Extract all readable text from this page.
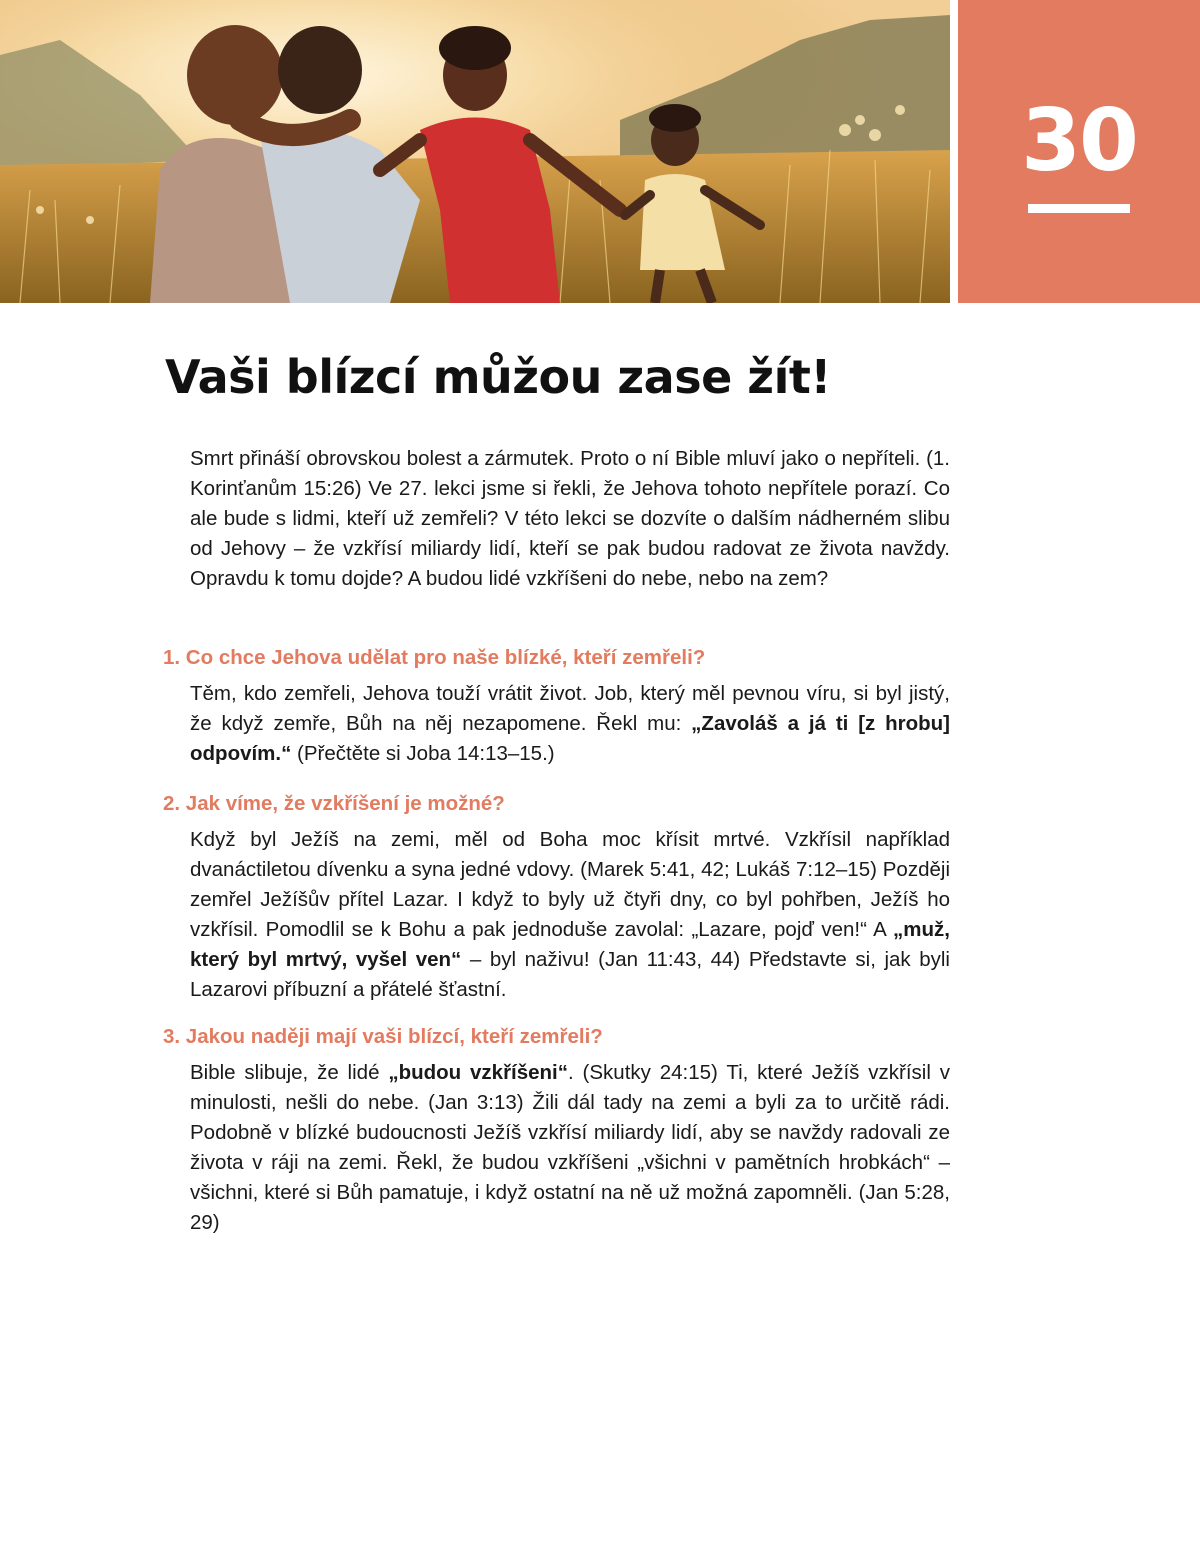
30
Vaši blízcí můžou zase žít!

Smrt přináší obrovskou bolest a zármutek. Proto o ní Bible mluví jako o nepříteli. (1. Korinťanům 15:26) Ve 27. lekci jsme si řekli, že Jehova tohoto nepřítele porazí. Co ale bude s lidmi, kteří už zemřeli? V této lekci se dozvíte o dalším nádherném slibu od Jehovy – že vzkřísí miliardy lidí, kteří se pak budou radovat ze života navždy. Opravdu k tomu dojde? A budou lidé vzkříšeni do nebe, nebo na zem?

1. Co chce Jehova udělat pro naše blízké, kteří zemřeli?

Těm, kdo zemřeli, Jehova touží vrátit život. Job, který měl pevnou víru, si byl jistý, že když zemře, Bůh na něj nezapomene. Řekl mu: „Zavoláš a já ti [z hrobu] odpovím.“ (Přečtěte si Joba 14:13–15.)

2. Jak víme, že vzkříšení je možné?

Když byl Ježíš na zemi, měl od Boha moc křísit mrtvé. Vzkřísil například dvanáctiletou dívenku a syna jedné vdovy. (Marek 5:41, 42; Lukáš 7:12–15) Později zemřel Ježíšův přítel Lazar. I když to byly už čtyři dny, co byl pohřben, Ježíš ho vzkřísil. Pomodlil se k Bohu a pak jednoduše zavolal: „Lazare, pojď ven!“ A „muž, který byl mrtvý, vyšel ven“ – byl naživu! (Jan 11:43, 44) Představte si, jak byli Lazarovi příbuzní a přátelé šťastní.

3. Jakou naději mají vaši blízcí, kteří zemřeli?

Bible slibuje, že lidé „budou vzkříšeni“. (Skutky 24:15) Ti, které Ježíš vzkřísil v minulosti, nešli do nebe. (Jan 3:13) Žili dál tady na zemi a byli za to určitě rádi. Podobně v blízké budoucnosti Ježíš vzkřísí miliardy lidí, aby se navždy radovali ze života v ráji na zemi. Řekl, že budou vzkříšeni „všichni v pamětních hrobkách“ – všichni, které si Bůh pamatuje, i když ostatní na ně už možná zapomněli. (Jan 5:28, 29)
